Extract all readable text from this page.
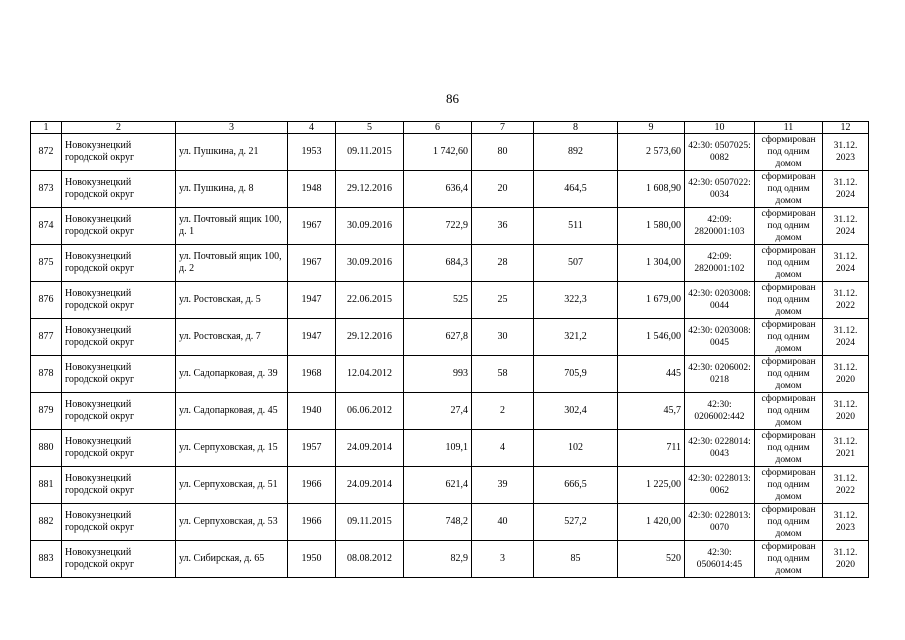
86
1	2	3	4	5	6	7	8	9	10	11	12
872	Новокузнецкий городской округ	ул. Пушкина, д. 21	1953	09.11.2015	1 742,60	80	892	2 573,60	42:30: 0507025: 0082	сформирован под одним домом	31.12. 2023
873	Новокузнецкий городской округ	ул. Пушкина, д. 8	1948	29.12.2016	636,4	20	464,5	1 608,90	42:30: 0507022: 0034	сформирован под одним домом	31.12. 2024
874	Новокузнецкий городской округ	ул. Почтовый ящик 100, д. 1	1967	30.09.2016	722,9	36	511	1 580,00	42:09: 2820001:103	сформирован под одним домом	31.12. 2024
875	Новокузнецкий городской округ	ул. Почтовый ящик 100, д. 2	1967	30.09.2016	684,3	28	507	1 304,00	42:09: 2820001:102	сформирован под одним домом	31.12. 2024
876	Новокузнецкий городской округ	ул. Ростовская, д. 5	1947	22.06.2015	525	25	322,3	1 679,00	42:30: 0203008: 0044	сформирован под одним домом	31.12. 2022
877	Новокузнецкий городской округ	ул. Ростовская, д. 7	1947	29.12.2016	627,8	30	321,2	1 546,00	42:30: 0203008: 0045	сформирован под одним домом	31.12. 2024
878	Новокузнецкий городской округ	ул. Садопарковая, д. 39	1968	12.04.2012	993	58	705,9	445	42:30: 0206002: 0218	сформирован под одним домом	31.12. 2020
879	Новокузнецкий городской округ	ул. Садопарковая, д. 45	1940	06.06.2012	27,4	2	302,4	45,7	42:30: 0206002:442	сформирован под одним домом	31.12. 2020
880	Новокузнецкий городской округ	ул. Серпуховская, д. 15	1957	24.09.2014	109,1	4	102	711	42:30: 0228014: 0043	сформирован под одним домом	31.12. 2021
881	Новокузнецкий городской округ	ул. Серпуховская, д. 51	1966	24.09.2014	621,4	39	666,5	1 225,00	42:30: 0228013: 0062	сформирован под одним домом	31.12. 2022
882	Новокузнецкий городской округ	ул. Серпуховская, д. 53	1966	09.11.2015	748,2	40	527,2	1 420,00	42:30: 0228013: 0070	сформирован под одним домом	31.12. 2023
883	Новокузнецкий городской округ	ул. Сибирская, д. 65	1950	08.08.2012	82,9	3	85	520	42:30: 0506014:45	сформирован под одним домом	31.12. 2020
